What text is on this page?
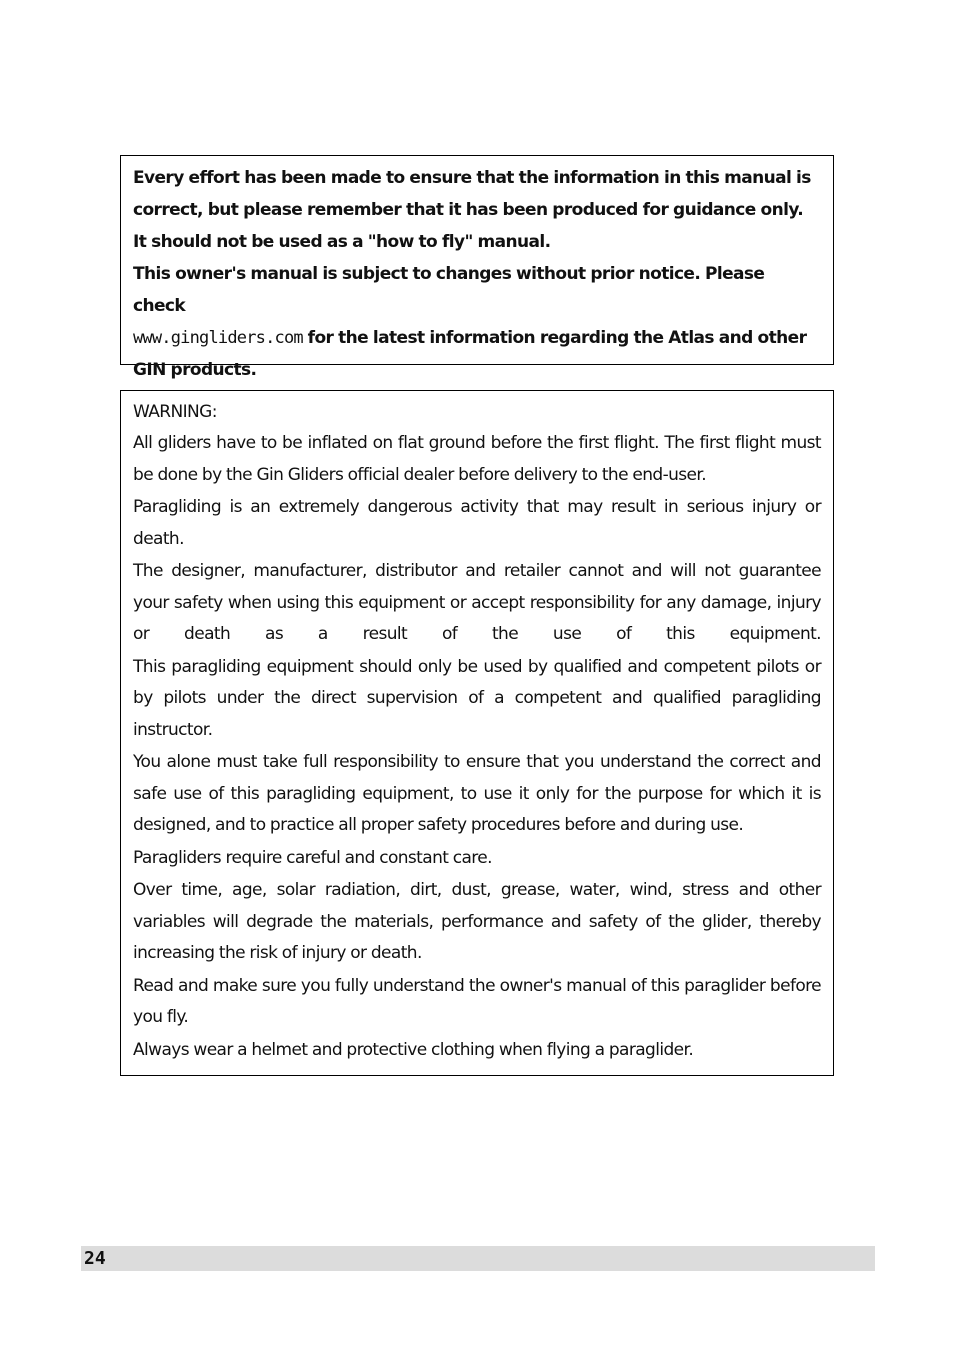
Every effort has been made to ensure that the information in this manual is correct, but please remember that it has been produced for guidance only. It should not be used as a "how to fly" manual.
This owner's manual is subject to changes without prior notice. Please check
www.gingliders.com for the latest information regarding the Atlas and other GIN products.

WARNING:

All gliders have to be inflated on flat ground before the first flight. The first flight must be done by the Gin Gliders official dealer before delivery to the end-user.

Paragliding is an extremely dangerous activity that may result in serious injury or death.

The designer, manufacturer, distributor and retailer cannot and will not guarantee your safety when using this equipment or accept responsibility for any damage, injury or death as a result of the use of this equipment.

This paragliding equipment should only be used by qualified and competent pilots or by pilots under the direct supervision of a competent and qualified paragliding instructor.

You alone must take full responsibility to ensure that you understand the correct and safe use of this paragliding equipment, to use it only for the purpose for which it is designed, and to practice all proper safety procedures before and during use.

Paragliders require careful and constant care.

Over time, age, solar radiation, dirt, dust, grease, water, wind, stress and other variables will degrade the materials, performance and safety of the glider, thereby increasing the risk of injury or death.

Read and make sure you fully understand the owner's manual of this paraglider before you fly.

Always wear a helmet and protective clothing when flying a paraglider.

24
